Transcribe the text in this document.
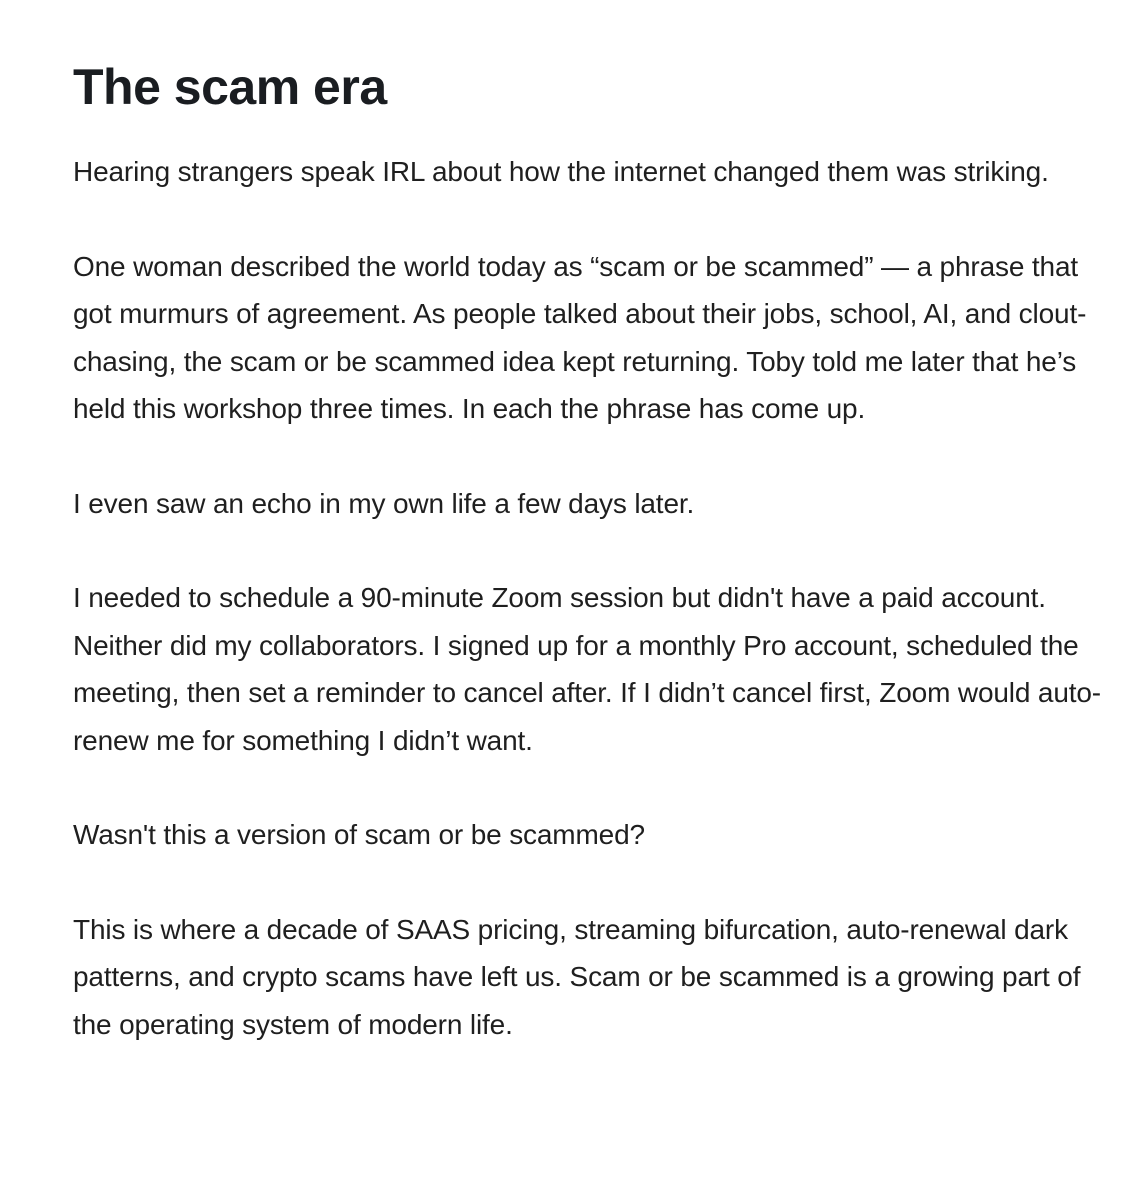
The scam era

Hearing strangers speak IRL about how the internet changed them was striking.

One woman described the world today as “scam or be scammed” — a phrase that got murmurs of agreement. As people talked about their jobs, school, AI, and clout-chasing, the scam or be scammed idea kept returning. Toby told me later that he’s held this workshop three times. In each the phrase has come up.

I even saw an echo in my own life a few days later.

I needed to schedule a 90-minute Zoom session but didn't have a paid account. Neither did my collaborators. I signed up for a monthly Pro account, scheduled the meeting, then set a reminder to cancel after. If I didn’t cancel first, Zoom would auto-renew me for something I didn’t want.

Wasn't this a version of scam or be scammed?

This is where a decade of SAAS pricing, streaming bifurcation, auto-renewal dark patterns, and crypto scams have left us. Scam or be scammed is a growing part of the operating system of modern life.
